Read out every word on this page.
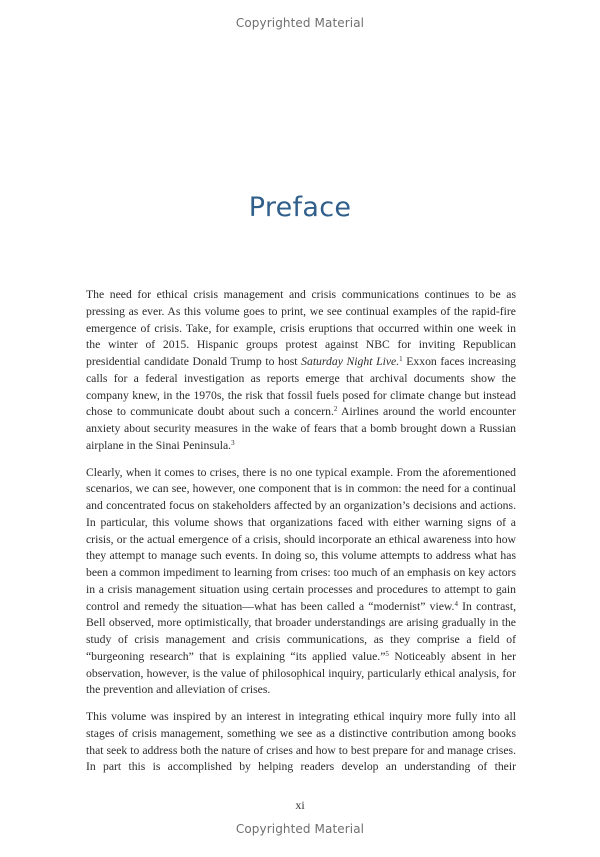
Copyrighted Material
Preface

The need for ethical crisis management and crisis communications continues to be as pressing as ever. As this volume goes to print, we see continual examples of the rapid-fire emergence of crisis. Take, for example, crisis eruptions that occurred within one week in the winter of 2015. Hispanic groups protest against NBC for inviting Republican presidential candidate Donald Trump to host Saturday Night Live.$^1$ Exxon faces increasing calls for a federal investigation as reports emerge that archival documents show the company knew, in the 1970s, the risk that fossil fuels posed for climate change but instead chose to communicate doubt about such a concern.$^2$ Airlines around the world encounter anxiety about security measures in the wake of fears that a bomb brought down a Russian airplane in the Sinai Peninsula.$^3$

Clearly, when it comes to crises, there is no one typical example. From the aforementioned scenarios, we can see, however, one component that is in common: the need for a continual and concentrated focus on stakeholders affected by an organization’s decisions and actions. In particular, this volume shows that organizations faced with either warning signs of a crisis, or the actual emergence of a crisis, should incorporate an ethical awareness into how they attempt to manage such events. In doing so, this volume attempts to address what has been a common impediment to learning from crises: too much of an emphasis on key actors in a crisis management situation using certain processes and procedures to attempt to gain control and remedy the situation—what has been called a “modernist” view.$^4$ In contrast, Bell observed, more optimistically, that broader understandings are arising gradually in the study of crisis management and crisis communications, as they comprise a field of “burgeoning research” that is explaining “its applied value.”$^5$ Noticeably absent in her observation, however, is the value of philosophical inquiry, particularly ethical analysis, for the prevention and alleviation of crises.

This volume was inspired by an interest in integrating ethical inquiry more fully into all stages of crisis management, something we see as a distinctive contribution among books that seek to address both the nature of crises and how to best prepare for and manage crises. In part this is accomplished by helping readers develop an understanding of their

xi
Copyrighted Material
